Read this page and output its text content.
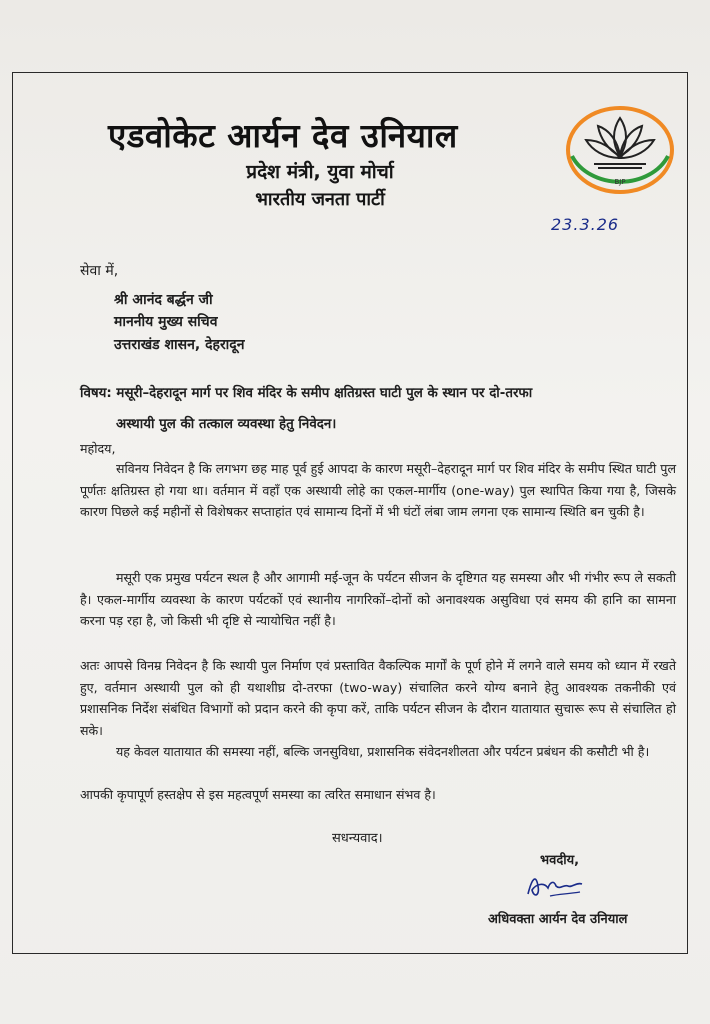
एडवोकेट आर्यन देव उनियाल
प्रदेश मंत्री, युवा मोर्चा
भारतीय जनता पार्टी
BJP
23.3.26
सेवा में,
श्री आनंद बर्द्धन जी
माननीय मुख्य सचिव
उत्तराखंड शासन, देहरादून
विषय: मसूरी–देहरादून मार्ग पर शिव मंदिर के समीप क्षतिग्रस्त घाटी पुल के स्थान पर दो-तरफा
अस्थायी पुल की तत्काल व्यवस्था हेतु निवेदन।
महोदय,
सविनय निवेदन है कि लगभग छह माह पूर्व हुई आपदा के कारण मसूरी–देहरादून मार्ग पर शिव मंदिर के समीप स्थित घाटी पुल पूर्णतः क्षतिग्रस्त हो गया था। वर्तमान में वहाँ एक अस्थायी लोहे का एकल-मार्गीय (one-way) पुल स्थापित किया गया है, जिसके कारण पिछले कई महीनों से विशेषकर सप्ताहांत एवं सामान्य दिनों में भी घंटों लंबा जाम लगना एक सामान्य स्थिति बन चुकी है।
मसूरी एक प्रमुख पर्यटन स्थल है और आगामी मई-जून के पर्यटन सीजन के दृष्टिगत यह समस्या और भी गंभीर रूप ले सकती है। एकल-मार्गीय व्यवस्था के कारण पर्यटकों एवं स्थानीय नागरिकों–दोनों को अनावश्यक असुविधा एवं समय की हानि का सामना करना पड़ रहा है, जो किसी भी दृष्टि से न्यायोचित नहीं है।
अतः आपसे विनम्र निवेदन है कि स्थायी पुल निर्माण एवं प्रस्तावित वैकल्पिक मार्गों के पूर्ण होने में लगने वाले समय को ध्यान में रखते हुए, वर्तमान अस्थायी पुल को ही यथाशीघ्र दो-तरफा (two-way) संचालित करने योग्य बनाने हेतु आवश्यक तकनीकी एवं प्रशासनिक निर्देश संबंधित विभागों को प्रदान करने की कृपा करें, ताकि पर्यटन सीजन के दौरान यातायात सुचारू रूप से संचालित हो सके।
यह केवल यातायात की समस्या नहीं, बल्कि जनसुविधा, प्रशासनिक संवेदनशीलता और पर्यटन प्रबंधन की कसौटी भी है।
आपकी कृपापूर्ण हस्तक्षेप से इस महत्वपूर्ण समस्या का त्वरित समाधान संभव है।
सधन्यवाद।
भवदीय,
अधिवक्ता आर्यन देव उनियाल
